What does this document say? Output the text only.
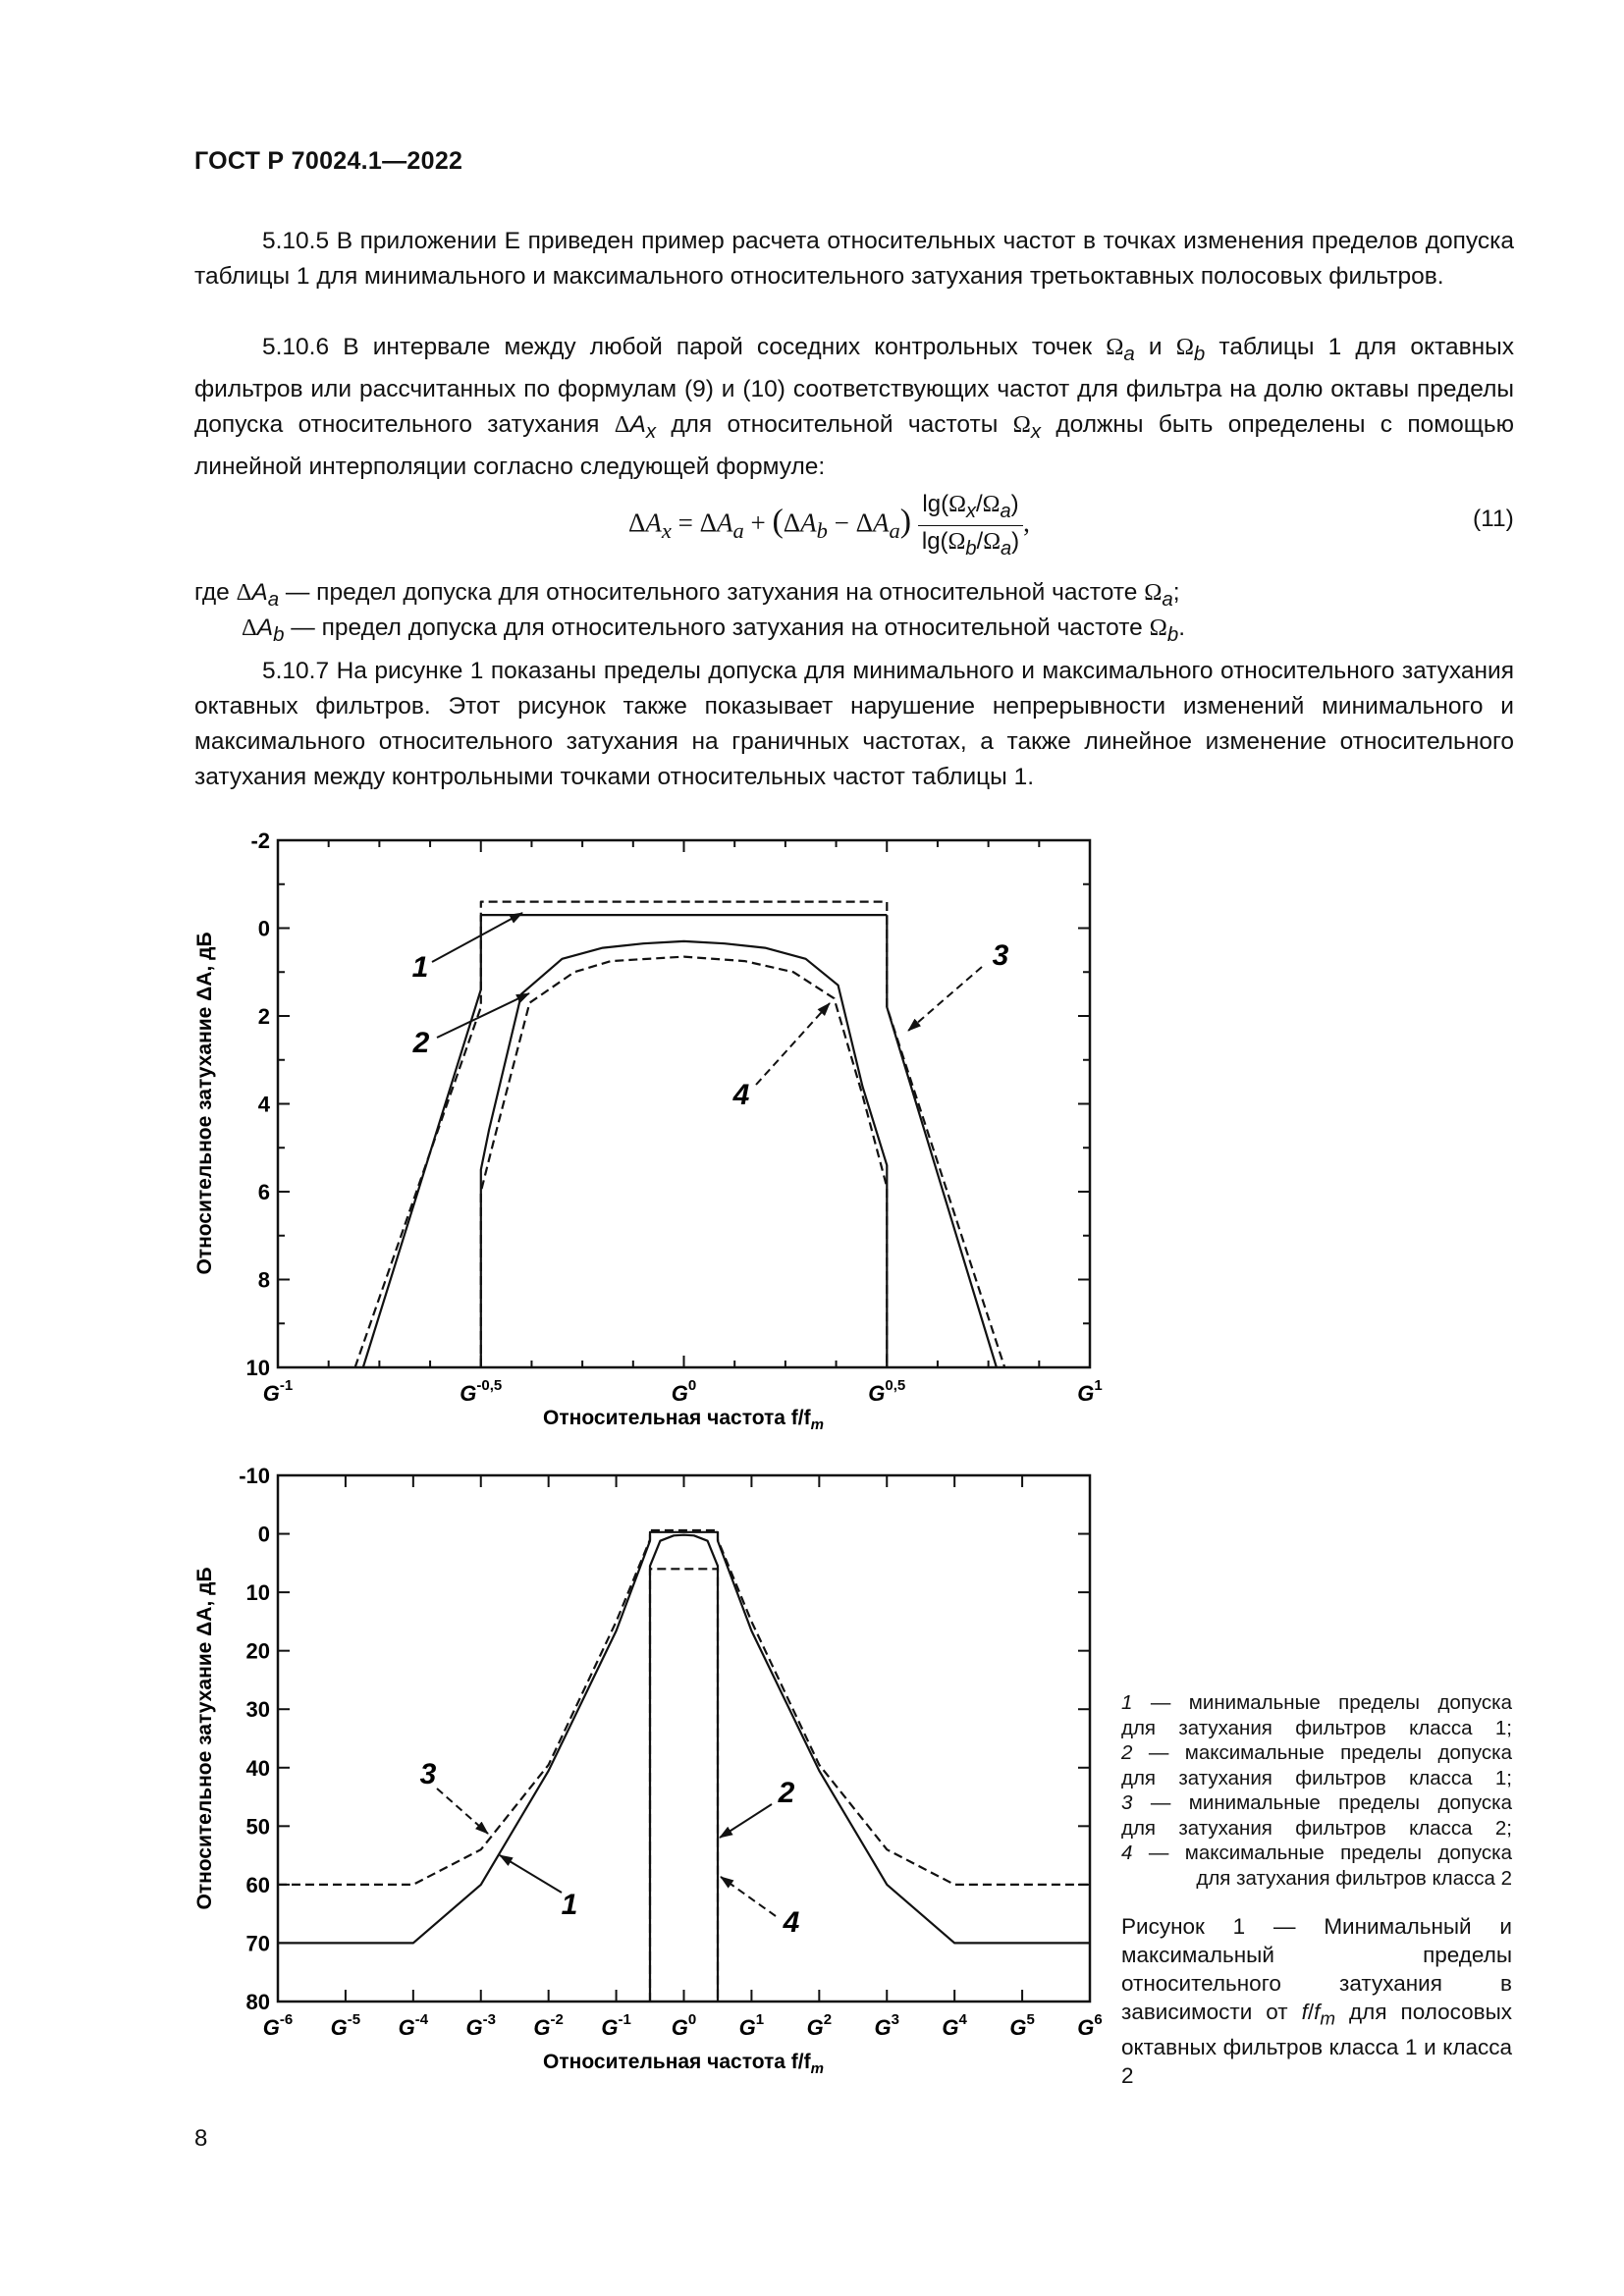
ГОСТ Р 70024.1—2022
5.10.5 В приложении Е приведен пример расчета относительных частот в точках изменения пределов допуска таблицы 1 для минимального и максимального относительного затухания третьоктавных полосовых фильтров.
5.10.6 В интервале между любой парой соседних контрольных точек $\Omega_a$ и $\Omega_b$ таблицы 1 для октавных фильтров или рассчитанных по формулам (9) и (10) соответствующих частот для фильтра на долю октавы пределы допуска относительного затухания $\Delta A_x$ для относительной частоты $\Omega_x$ должны быть определены с помощью линейной интерполяции согласно следующей формуле:
$\Delta A_x = \Delta A_a + (\Delta A_b - \Delta A_a) \frac{\lg(\Omega_x/\Omega_a)}{\lg(\Omega_b/\Omega_a)}$ ,	(11)
где $\Delta A_a$ — предел допуска для относительного затухания на относительной частоте $\Omega_a$;
$\Delta A_b$ — предел допуска для относительного затухания на относительной частоте $\Omega_b$.
5.10.7 На рисунке 1 показаны пределы допуска для минимального и максимального относительного затухания октавных фильтров. Этот рисунок также показывает нарушение непрерывности изменений минимального и максимального относительного затухания на граничных частотах, а также линейное изменение относительного затухания между контрольными точками относительных частот таблицы 1.
-2
0
2
4
6
8
10
$G^{-1}$	$G^{-0,5}$	$G^0$	G$^{0,5}$	$G^1$
Относительное затухание ΔA, дБ
Относительная частота $f/f_m$
1
2
3
4
-10
0
10
20
30
40
50
60
70
80
$G^{-6}$ $G^{-5}$ $G^{-4}$ $G^{-3}$ $G^{-2}$ $G^{-1}$ $G^0$ $G^1$ $G^2$ $G^3$ $G^4$ $G^5$ $G^6$
Относительное затухание ΔA, дБ
Относительная частота $f/f_m$
3
1
2
4
1 — минимальные пределы допуска
для затухания фильтров класса 1;
2 — максимальные пределы допуска
для затухания фильтров класса 1;
3 — минимальные пределы допуска
для затухания фильтров класса 2;
4 — максимальные пределы допуска
для затухания фильтров класса 2
Рисунок 1 — Минимальный и максимальный пределы относительного затухания в зависимости от $f/f_m$ для полосовых октавных фильтров класса 1 и класса 2
8
